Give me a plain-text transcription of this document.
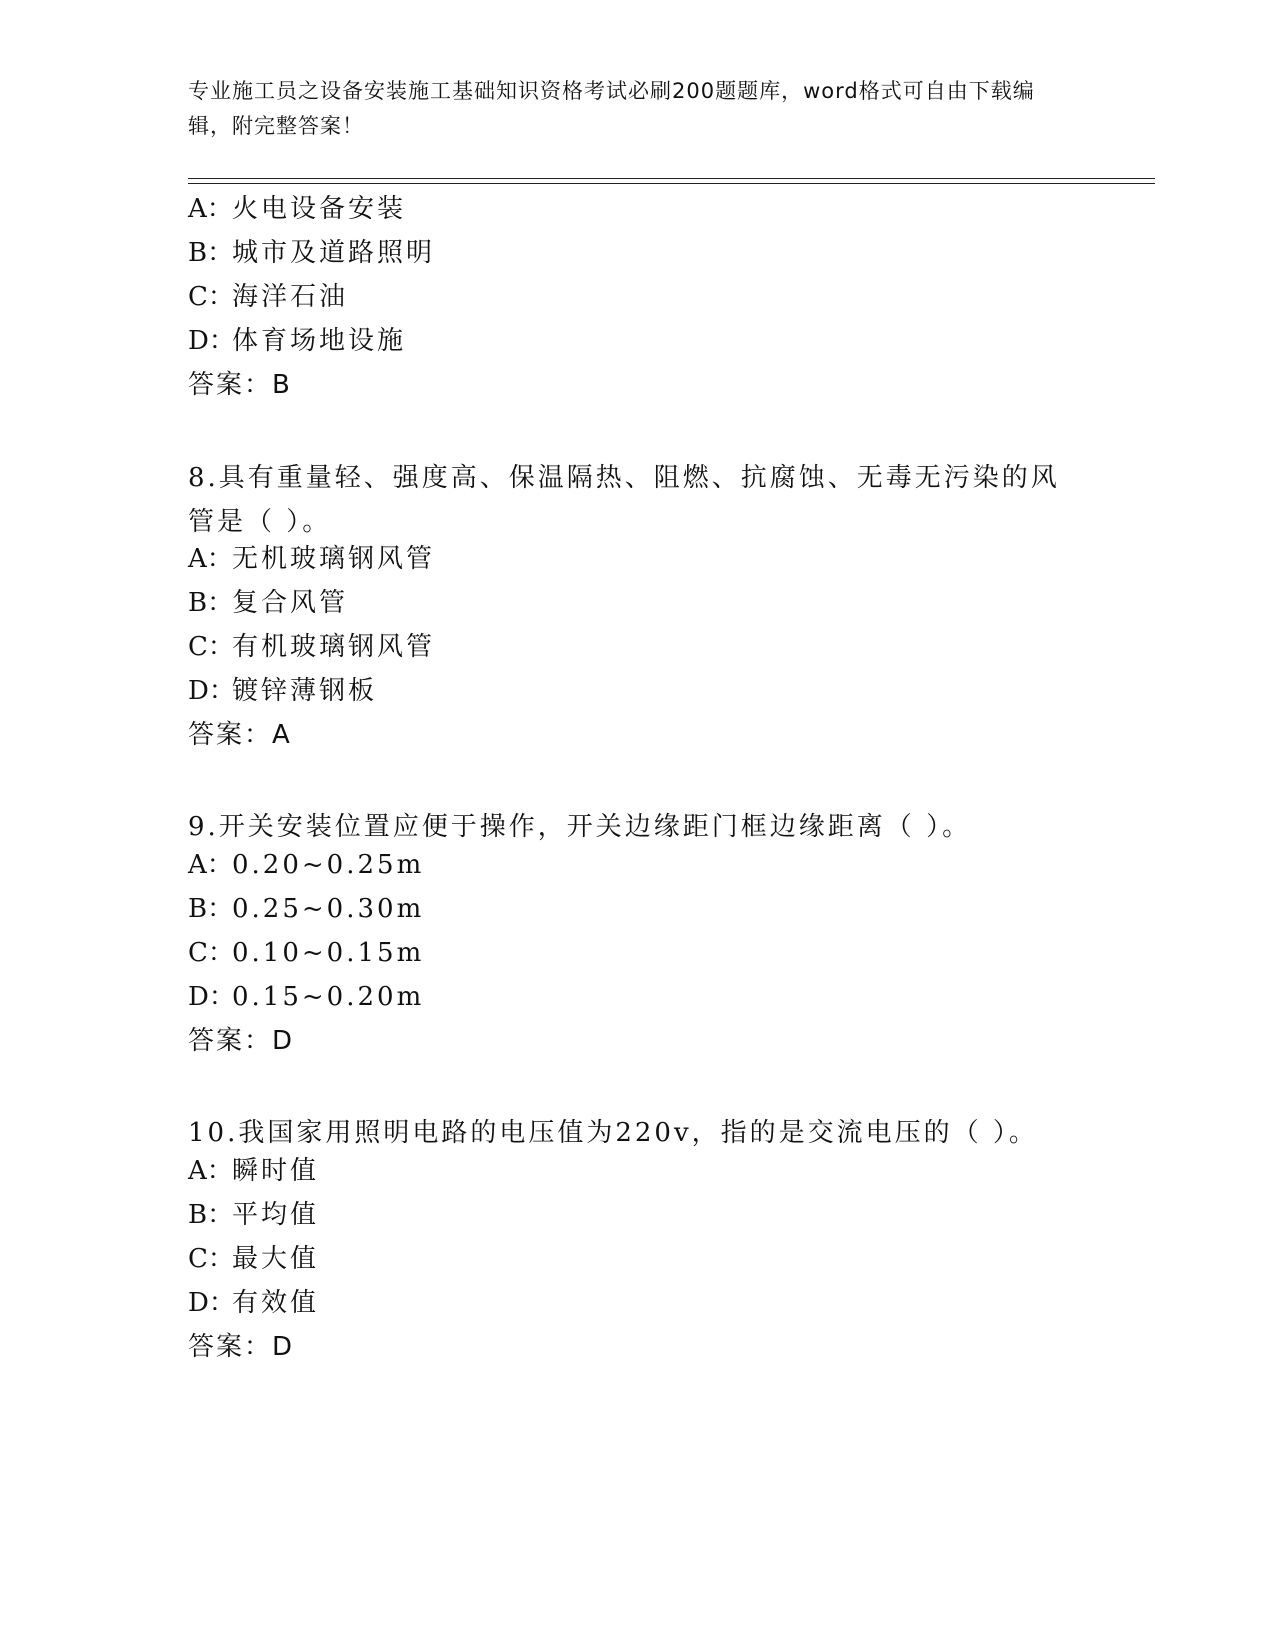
专业施工员之设备安装施工基础知识资格考试必刷200题题库，word格式可自由下载编辑，附完整答案！
A：火电设备安装
B：城市及道路照明
C：海洋石油
D：体育场地设施
答案：B
8.具有重量轻、强度高、保温隔热、阻燃、抗腐蚀、无毒无污染的风管是（ ）。
A：无机玻璃钢风管
B：复合风管
C：有机玻璃钢风管
D：镀锌薄钢板
答案：A
9.开关安装位置应便于操作，开关边缘距门框边缘距离（ ）。
A：0.20~0.25m
B：0.25~0.30m
C：0.10~0.15m
D：0.15~0.20m
答案：D
10.我国家用照明电路的电压值为220v，指的是交流电压的（ ）。
A：瞬时值
B：平均值
C：最大值
D：有效值
答案：D
